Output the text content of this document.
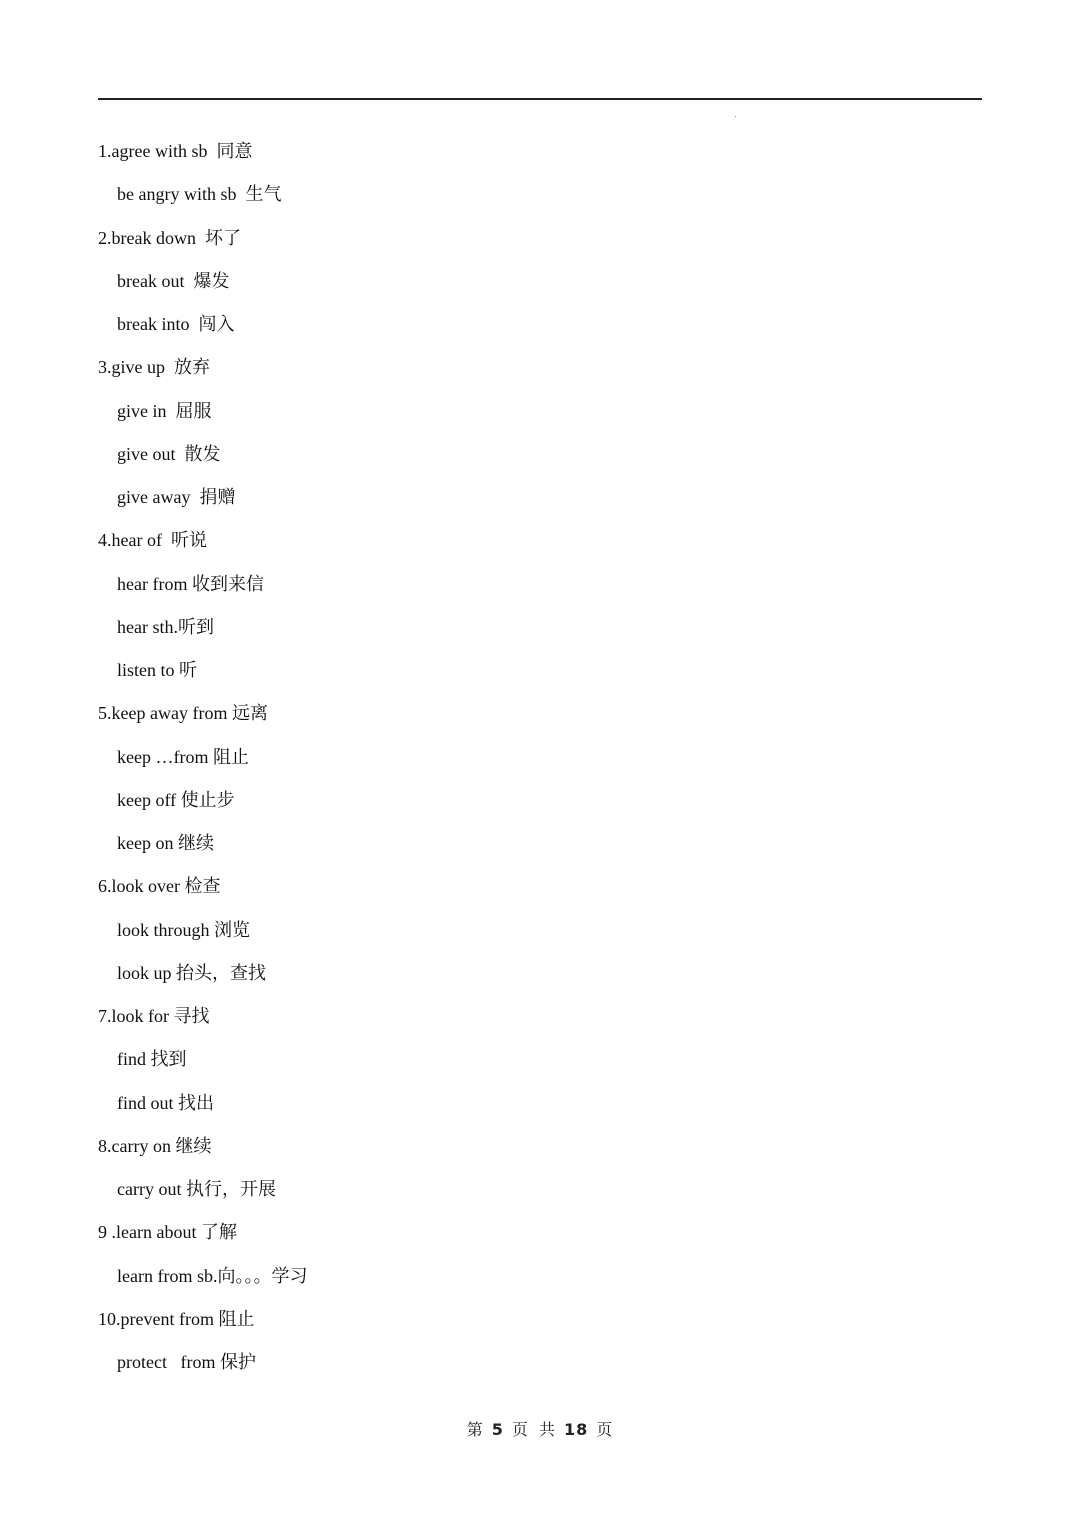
1.agree with sb  同意
be angry with sb  生气
2.break down  坏了
break out  爆发
break into  闯入
3.give up  放弃
give in  屈服
give out  散发
give away  捐赠
4.hear of  听说
hear from 收到来信
hear sth.听到
listen to 听
5.keep away from 远离
keep …from 阻止
keep off 使止步
keep on 继续
6.look over 检查
look through 浏览
look up 抬头，查找
7.look for 寻找
find 找到
find out 找出
8.carry on 继续
carry out 执行，开展
9 .learn about 了解
learn from sb.向。。。学习
10.prevent from 阻止
protect   from 保护
第 5 页 共 18 页
